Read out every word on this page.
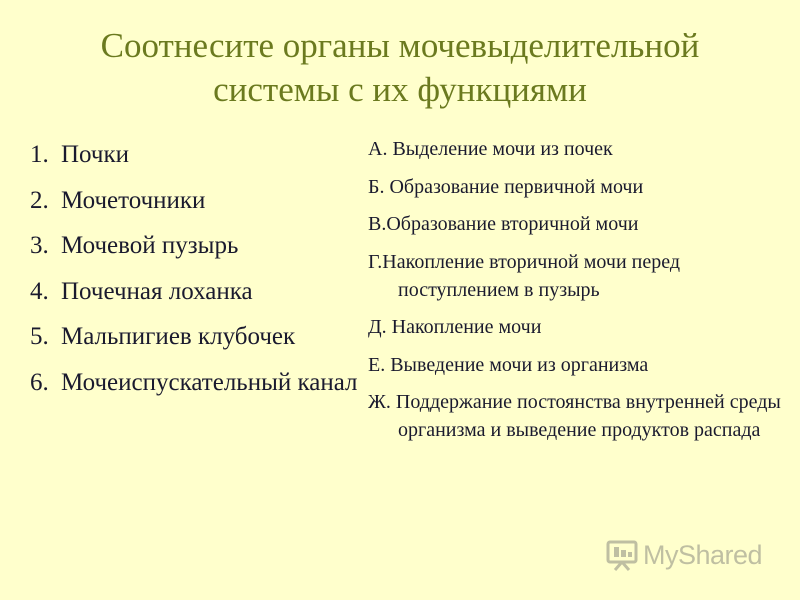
Соотнесите органы мочевыделительной
системы с их функциями
1. Почки
2. Мочеточники
3. Мочевой пузырь
4. Почечная лоханка
5. Мальпигиев клубочек
6. Мочеиспускательный канал
А. Выделение мочи из почек
Б. Образование первичной мочи
В.Образование вторичной мочи
Г.Накопление вторичной мочи перед поступлением в пузырь
Д. Накопление мочи
Е. Выведение мочи из организма
Ж. Поддержание постоянства внутренней среды организма и выведение продуктов распада
MyShared
